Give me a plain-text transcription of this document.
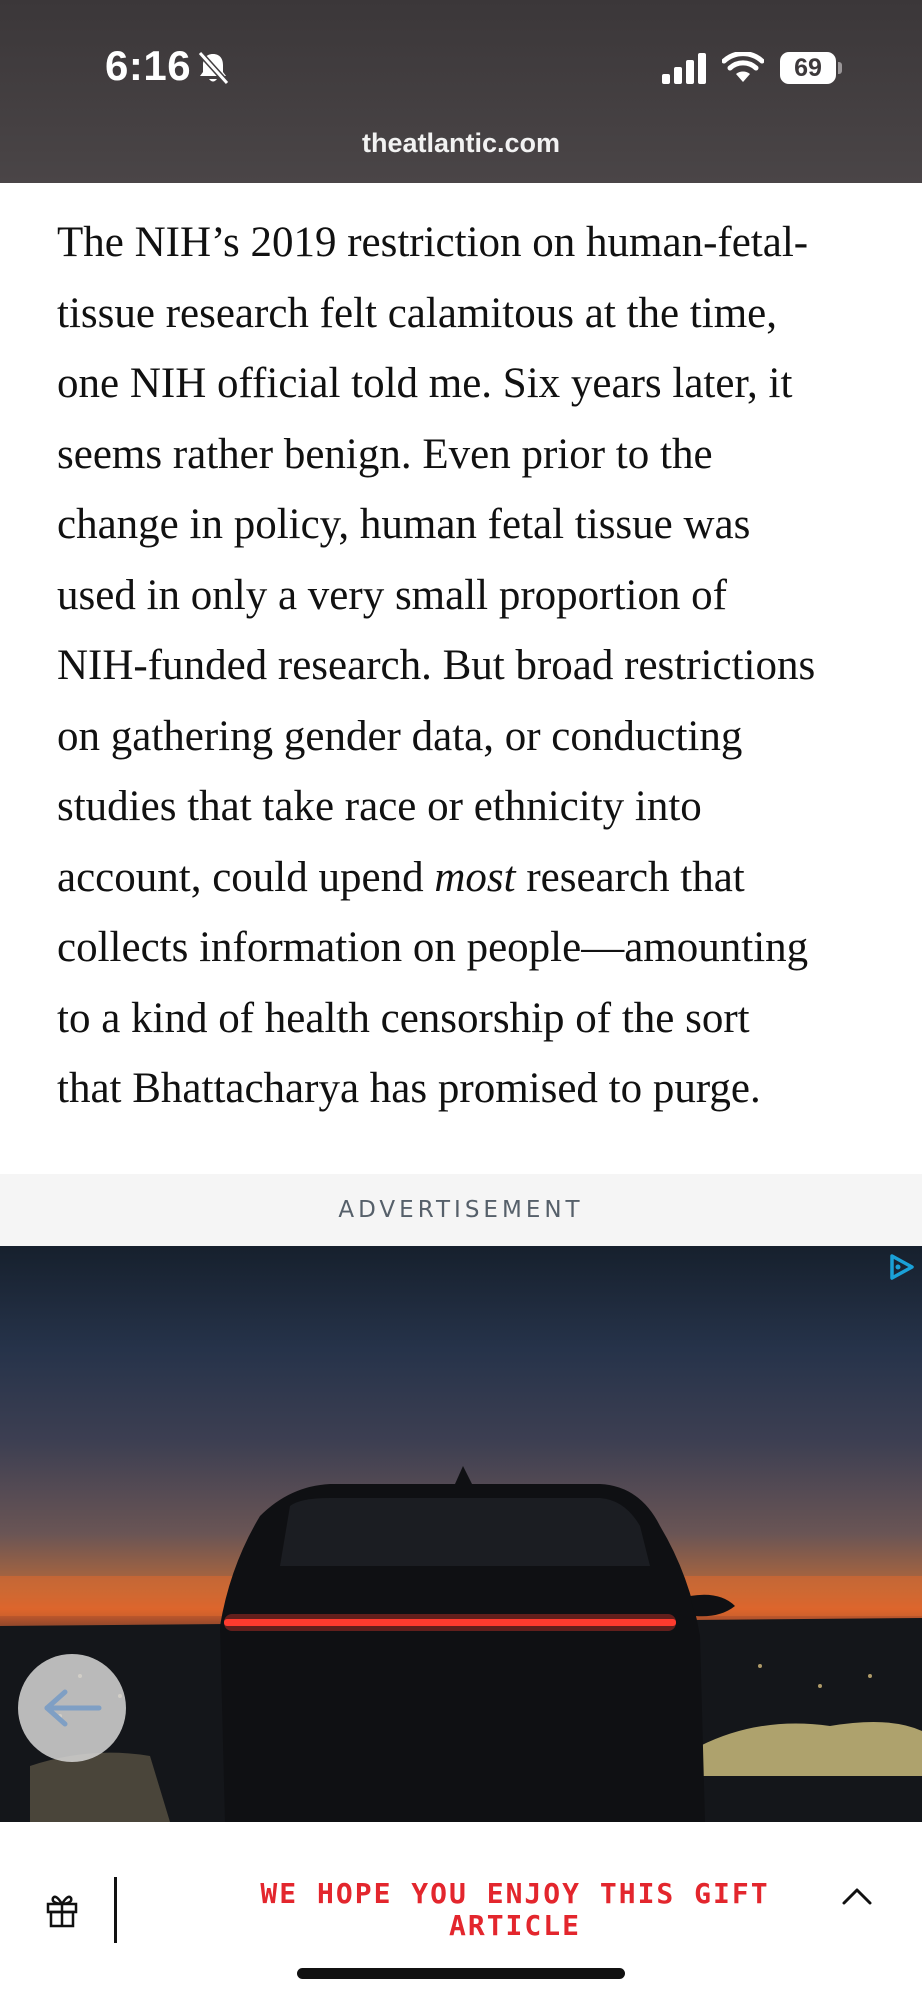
6:16	69
theatlantic.com

The NIH’s 2019 restriction on human-fetal-
tissue research felt calamitous at the time,
one NIH official told me. Six years later, it
seems rather benign. Even prior to the
change in policy, human fetal tissue was
used in only a very small proportion of
NIH-funded research. But broad restrictions
on gathering gender data, or conducting
studies that take race or ethnicity into
account, could upend most research that
collects information on people—amounting
to a kind of health censorship of the sort
that Bhattacharya has promised to purge.

ADVERTISEMENT
WE HOPE YOU ENJOY THIS GIFT
ARTICLE
